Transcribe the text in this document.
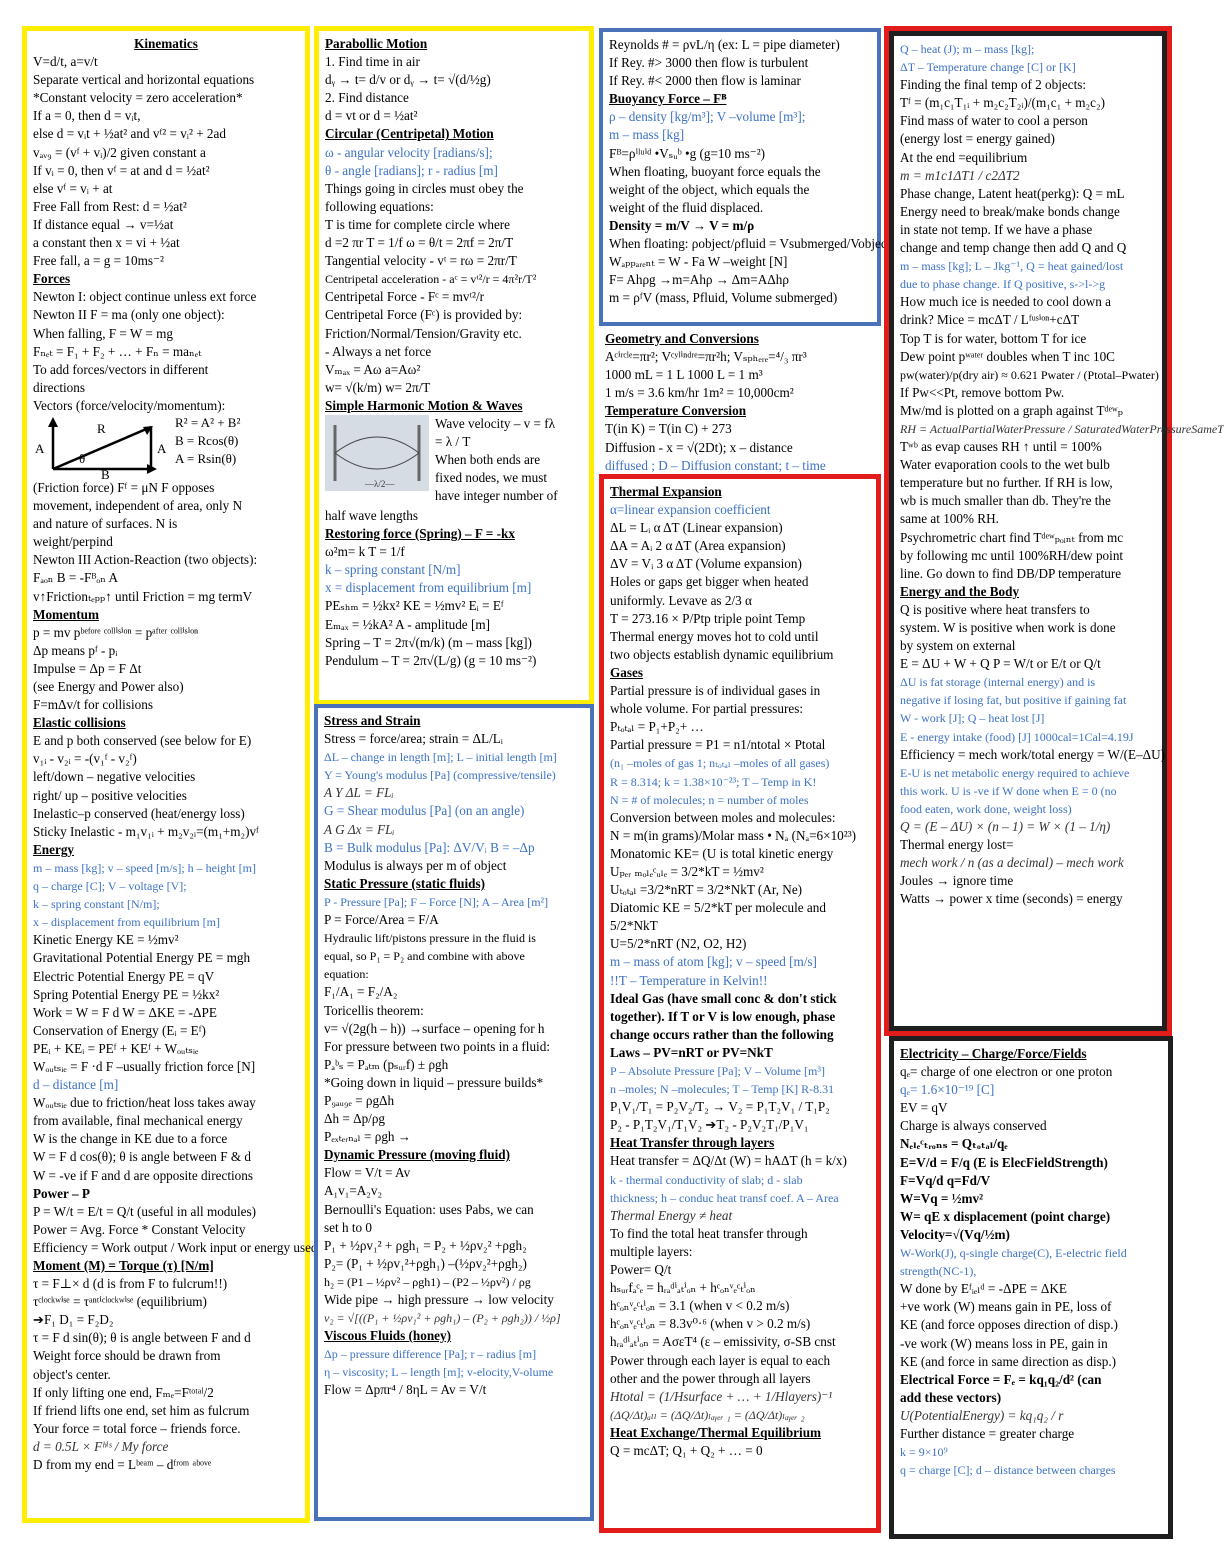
Kinematics
V=d/t, a=v/t
Separate vertical and horizontal equations
*Constant velocity = zero acceleration*
If a = 0, then d = vᵢt,
else d = vᵢt + ½at² and vᶠ² = vᵢ² + 2ad
vₐᵥ₉ = (vᶠ + vᵢ)/2 given constant a
If vᵢ = 0, then vᶠ = at and d = ½at²
else vᶠ = vᵢ + at
Free Fall from Rest: d = ½at²
If distance equal → v=½at
a constant then x = vi + ½at
Free fall, a = g = 10ms⁻²
Forces
Newton I: object continue unless ext force
Newton II F = ma (only one object):
When falling, F = W = mg
Fₙₑₜ = F₁ + F₂ + … + Fₙ = maₙₑₜ
To add forces/vectors in different
directions
Vectors (force/velocity/momentum):
R
A	A
B
θ
R² = A² + B²
B = Rcos(θ)
A = Rsin(θ)
(Friction force) Fᶠ = μN F opposes
movement, independent of area, only N
and nature of surfaces. N is
weight/perpind
Newton III Action-Reaction (two objects):
Fₐₒₙ B = -Fᴮₒₙ A
v↑Frictionₜₑₚₚ↑ until Friction = mg termV
Momentum
p = mv pᵇᵉᶠᵒʳᵉ ᶜᵒˡˡⁱˢⁱᵒⁿ = pᵃᶠᵗᵉʳ ᶜᵒˡˡⁱˢⁱᵒⁿ
Δp means pᶠ - pᵢ
Impulse = Δp = F Δt
(see Energy and Power also)
F=mΔv/t for collisions
Elastic collisions
E and p both conserved (see below for E)
v₁ᵢ - v₂ᵢ = -(v₁ᶠ - v₂ᶠ)
left/down – negative velocities
right/ up – positive velocities
Inelastic–p conserved (heat/energy loss)
Sticky Inelastic - m₁v₁ᵢ + m₂v₂ᵢ=(m₁+m₂)vᶠ
Energy
m – mass [kg]; v – speed [m/s]; h – height [m]
q – charge [C]; V – voltage [V];
k – spring constant [N/m];
x – displacement from equilibrium [m]
Kinetic Energy KE = ½mv²
Gravitational Potential Energy PE = mgh
Electric Potential Energy PE = qV
Spring Potential Energy PE = ½kx²
Work = W = F d W = ΔKE = -ΔPE
Conservation of Energy (Eᵢ = Eᶠ)
PEᵢ + KEᵢ = PEᶠ + KEᶠ + Wₒᵤₜₛᵢₑ
Wₒᵤₜₛᵢₑ = F ·d F –usually friction force [N]
d – distance [m]
Wₒᵤₜₛᵢₑ due to friction/heat loss takes away
from available, final mechanical energy
W is the change in KE due to a force
W = F d cos(θ); θ is angle between F & d
W = -ve if F and d are opposite directions
Power – P
P = W/t = E/t = Q/t (useful in all modules)
Power = Avg. Force * Constant Velocity
Efficiency = Work output / Work input or energy used
Moment (M) = Torque (τ) [N/m]
τ = F⊥× d (d is from F to fulcrum!!)
τᶜˡᵒᶜᵏʷⁱˢᵉ = τᵃⁿᵗⁱᶜˡᵒᶜᵏʷⁱˢᵉ (equilibrium)
➔F₁ D₁ = F₂D₂
τ = F d sin(θ); θ is angle between F and d
Weight force should be drawn from
object's center.
If only lifting one end, Fₘₑ=Fᵗᵒᵗᵃˡ/2
If friend lifts one end, set him as fulcrum
Your force = total force – friends force.
d = 0.5L × Fʰⁱˢ / My force
D from my end = Lᵇᵉᵃᵐ – dᶠʳᵒᵐ ᵃᵇᵒᵛᵉ
Parabollic Motion
1. Find time in air
dᵧ → t= d/v or dᵧ → t= √(d/½g)
2. Find distance
d = vt or d = ½at²
Circular (Centripetal) Motion
ω - angular velocity [radians/s];
θ - angle [radians]; r - radius [m]
Things going in circles must obey the
following equations:
T is time for complete circle where
d =2 πr T = 1/f ω = θ/t = 2πf = 2π/T
Tangential velocity - vᵗ = rω = 2πr/T
Centripetal acceleration - aᶜ = vᵗ²/r = 4π²r/T²
Centripetal Force - Fᶜ = mvᵗ²/r
Centripetal Force (Fᶜ) is provided by:
Friction/Normal/Tension/Gravity etc.
- Always a net force
Vₘₐₓ = Aω a=Aω²
w= √(k/m) w= 2π/T
Simple Harmonic Motion & Waves
—λ/2—
Wave velocity – v = fλ
= λ / T
When both ends are
fixed nodes, we must
have integer number of
half wave lengths
Restoring force (Spring) – F = -kx
ω²m= k T = 1/f
k – spring constant [N/m]
x = displacement from equilibrium [m]
PEₛₕₘ = ½kx² KE = ½mv² Eᵢ = Eᶠ
Eₘₐₓ = ½kA² A - amplitude [m]
Spring – T = 2π√(m/k) (m – mass [kg])
Pendulum – T = 2π√(L/g) (g = 10 ms⁻²)
Stress and Strain
Stress = force/area; strain = ΔL/Lᵢ
ΔL – change in length [m]; L – initial length [m]
Y = Young's modulus [Pa] (compressive/tensile)
A Y ΔL = FLᵢ
G = Shear modulus [Pa] (on an angle)
A G Δx = FLᵢ
B = Bulk modulus [Pa]: ΔV/Vᵢ B = –Δp
Modulus is always per m of object
Static Pressure (static fluids)
P - Pressure [Pa]; F – Force [N]; A – Area [m²]
P = Force/Area = F/A
Hydraulic lift/pistons pressure in the fluid is
equal, so P₁ = P₂ and combine with above
equation:
F₁/A₁ = F₂/A₂
Toricellis theorem:
v= √(2g(h – h)) →surface – opening for h
For pressure between two points in a fluid:
Pₐᵇₛ = Pₐₜₘ (pₛᵤᵣf) ± ρgh
*Going down in liquid – pressure builds*
P₉ₐᵤ₉ₑ = ρgΔh
Δh = Δp/ρg
Pₑₓₜₑᵣₙₐₗ = ρgh →
Dynamic Pressure (moving fluid)
Flow = V/t = Av
A₁v₁=A₂v₂
Bernoulli's Equation: uses Pabs, we can
set h to 0
P₁ + ½ρv₁² + ρgh₁ = P₂ + ½ρv₂² +ρgh₂
P₂= (P₁ + ½ρv₁²+ρgh₁) –(½ρv₂²+ρgh₂)
h₂ = (P1 – ½ρv² – ρgh1) – (P2 – ½ρv²) / ρg
Wide pipe → high pressure → low velocity
v₂ = √[((P₁ + ½ρv₁² + ρgh₁) – (P₂ + ρgh₂)) / ½ρ]
Viscous Fluids (honey)
Δp – pressure difference [Pa]; r – radius [m]
η – viscosity; L – length [m]; v-elocity,V-olume
Flow = Δpπr⁴ / 8ηL = Av = V/t
Reynolds # = ρvL/η (ex: L = pipe diameter)
If Rey. #> 3000 then flow is turbulent
If Rey. #< 2000 then flow is laminar
Buoyancy Force – Fᴮ
ρ – density [kg/m³]; V –volume [m³];
m – mass [kg]
Fᴮ=ρⁱˡᵘⁱᵈ •Vₛᵤᵇ •g (g=10 ms⁻²)
When floating, buoyant force equals the
weight of the object, which equals the
weight of the fluid displaced.
Density = m/V → V = m/ρ
When floating: ρobject/ρfluid = Vsubmerged/Vobject
Wₐₚₚₐᵣₑₙₜ = W - Fa W –weight [N]
F= Ahρg →m=Ahρ → Δm=AΔhρ
m = ρᶠV (mass, Pfluid, Volume submerged)
Geometry and Conversions
Aᶜⁱʳᶜˡᵉ=πr²; Vᶜʸˡⁱⁿᵈʳᵉ=πr²h; Vₛₚₕₑᵣₑ=⁴/₃ πr³
1000 mL = 1 L 1000 L = 1 m³
1 m/s = 3.6 km/hr 1m² = 10,000cm²
Temperature Conversion
T(in K) = T(in C) + 273
Diffusion - x = √(2Dt); x – distance
diffused ; D – Diffusion constant; t – time
Thermal Expansion
α=linear expansion coefficient
ΔL = Lᵢ α ΔT (Linear expansion)
ΔA = Aᵢ 2 α ΔT (Area expansion)
ΔV = Vᵢ 3 α ΔT (Volume expansion)
Holes or gaps get bigger when heated
uniformly. Levave as 2/3 α
T = 273.16 × P/Ptp triple point Temp
Thermal energy moves hot to cold until
two objects establish dynamic equilibrium
Gases
Partial pressure is of individual gases in
whole volume. For partial pressures:
Pₜₒₜₐₗ = P₁+P₂+ …
Partial pressure = P1 = n1/ntotal × Ptotal
(n₁ –moles of gas 1; nₜₒₜₐₗ –moles of all gases)
R = 8.314; k = 1.38×10⁻²³; T – Temp in K!
N = # of molecules; n = number of moles
Conversion between moles and molecules:
N = m(in grams)/Molar mass • Nₐ (Nₐ=6×10²³)
Monatomic KE= (U is total kinetic energy
Uₚₑᵣ ₘₒₗₑᶜᵤₗₑ = 3/2*kT = ½mv²
Uₜₒₜₐₗ =3/2*nRT = 3/2*NkT (Ar, Ne)
Diatomic KE = 5/2*kT per molecule and
5/2*NkT
U=5/2*nRT (N2, O2, H2)
m – mass of atom [kg]; v – speed [m/s]
!!T – Temperature in Kelvin!!
Ideal Gas (have small conc & don't stick
together). If T or V is low enough, phase
change occurs rather than the following
Laws – PV=nRT or PV=NkT
P – Absolute Pressure [Pa]; V – Volume [m³]
n –moles; N –molecules; T – Temp [K] R-8.31
P₁V₁/T₁ = P₂V₂/T₂ → V₂ = P₁T₂V₁ / T₁P₂
P₂ - P₁T₂V₁/T₁V₂ ➔T₂ - P₂V₂T₁/P₁V₁
Heat Transfer through layers
Heat transfer = ΔQ/Δt (W) = hAΔT (h = k/x)
k - thermal conductivity of slab; d - slab
thickness; h – conduc heat transf coef. A – Area
Thermal Energy ≠ heat
To find the total heat transfer through
multiple layers:
Power= Q/t
hₛᵤᵣfₐᶜₑ = hᵣₐᵈⁱₐₜⁱₒₙ + hᶜₒₙᵛₑᶜₜⁱₒₙ
hᶜₒₙᵛₑᶜₜⁱₒₙ = 3.1 (when v < 0.2 m/s)
hᶜₒₙᵛₑᶜₜⁱₒₙ = 8.3v⁰·⁶ (when v > 0.2 m/s)
hᵣₐᵈⁱₐₜⁱₒₙ = AσεT⁴ (ε – emissivity, σ-SB cnst
Power through each layer is equal to each
other and the power through all layers
Htotal = (1/Hsurface + … + 1/Hlayers)⁻¹
(ΔQ/Δt)ₐₗₗ = (ΔQ/Δt)ₗₐᵧₑᵣ ₁ = (ΔQ/Δt)ₗₐᵧₑᵣ ₂
Heat Exchange/Thermal Equilibrium
Q = mcΔT; Q₁ + Q₂ + … = 0
Q – heat (J); m – mass [kg];
ΔT – Temperature change [C] or [K]
Finding the final temp of 2 objects:
Tᶠ = (m₁c₁T₁ᵢ + m₂c₂T₂ᵢ)/(m₁c₁ + m₂c₂)
Find mass of water to cool a person
(energy lost = energy gained)
At the end =equilibrium
m = m1c1ΔT1 / c2ΔT2
Phase change, Latent heat(perkg): Q = mL
Energy need to break/make bonds change
in state not temp. If we have a phase
change and temp change then add Q and Q
m – mass [kg]; L – Jkg⁻¹, Q = heat gained/lost
due to phase change. If Q positive, s->l->g
How much ice is needed to cool down a
drink? Mice = mcΔT / Lᶠᵘˢⁱᵒⁿ+cΔT
Top T is for water, bottom T for ice
Dew point pʷᵃᵗᵉʳ doubles when T inc 10C
pw(water)/p(dry air) ≈ 0.621 Pwater / (Ptotal–Pwater)
If Pw<<Pt, remove bottom Pw.
Mw/md is plotted on a graph against Tᵈᵉʷₚ
RH = ActualPartialWaterPressure / SaturatedWaterPressureSameT
Tʷᵇ as evap causes RH ↑ until = 100%
Water evaporation cools to the wet bulb
temperature but no further. If RH is low,
wb is much smaller than db. They're the
same at 100% RH.
Psychrometric chart find Tᵈᵉʷₚₒᵢₙₜ from mc
by following mc until 100%RH/dew point
line. Go down to find DB/DP temperature
Energy and the Body
Q is positive where heat transfers to
system. W is positive when work is done
by system on external
E = ΔU + W + Q P = W/t or E/t or Q/t
ΔU is fat storage (internal energy) and is
negative if losing fat, but positive if gaining fat
W - work [J]; Q – heat lost [J]
E - energy intake (food) [J] 1000cal=1Cal=4.19J
Efficiency = mech work/total energy = W/(E–ΔU)
E-U is net metabolic energy required to achieve
this work. U is -ve if W done when E = 0 (no
food eaten, work done, weight loss)
Q = (E – ΔU) × (n – 1) = W × (1 – 1/η)
Thermal energy lost=
mech work / n (as a decimal) – mech work
Joules → ignore time
Watts → power x time (seconds) = energy
Electricity – Charge/Force/Fields
qₑ= charge of one electron or one proton
qₑ= 1.6×10⁻¹⁹ [C]
EV = qV
Charge is always conserved
Nₑₗₑᶜₜᵣₒₙₛ = Qₜₒₜₐₗ/qₑ
E=V/d = F/q (E is ElecFieldStrength)
F=Vq/d q=Fd/V
W=Vq = ½mv²
W= qE x displacement (point charge)
Velocity=√(Vq/½m)
W-Work(J), q-single charge(C), E-electric field
strength(NC-1),
W done by Eᶠᵢₑₗᵈ = -ΔPE = ΔKE
+ve work (W) means gain in PE, loss of
KE (and force opposes direction of disp.)
-ve work (W) means loss in PE, gain in
KE (and force in same direction as disp.)
Electrical Force = Fₑ = kq₁q₂/d² (can
add these vectors)
U(PotentialEnergy) = kq₁q₂ / r
Further distance = greater charge
k = 9×10⁹
q = charge [C]; d – distance between charges
